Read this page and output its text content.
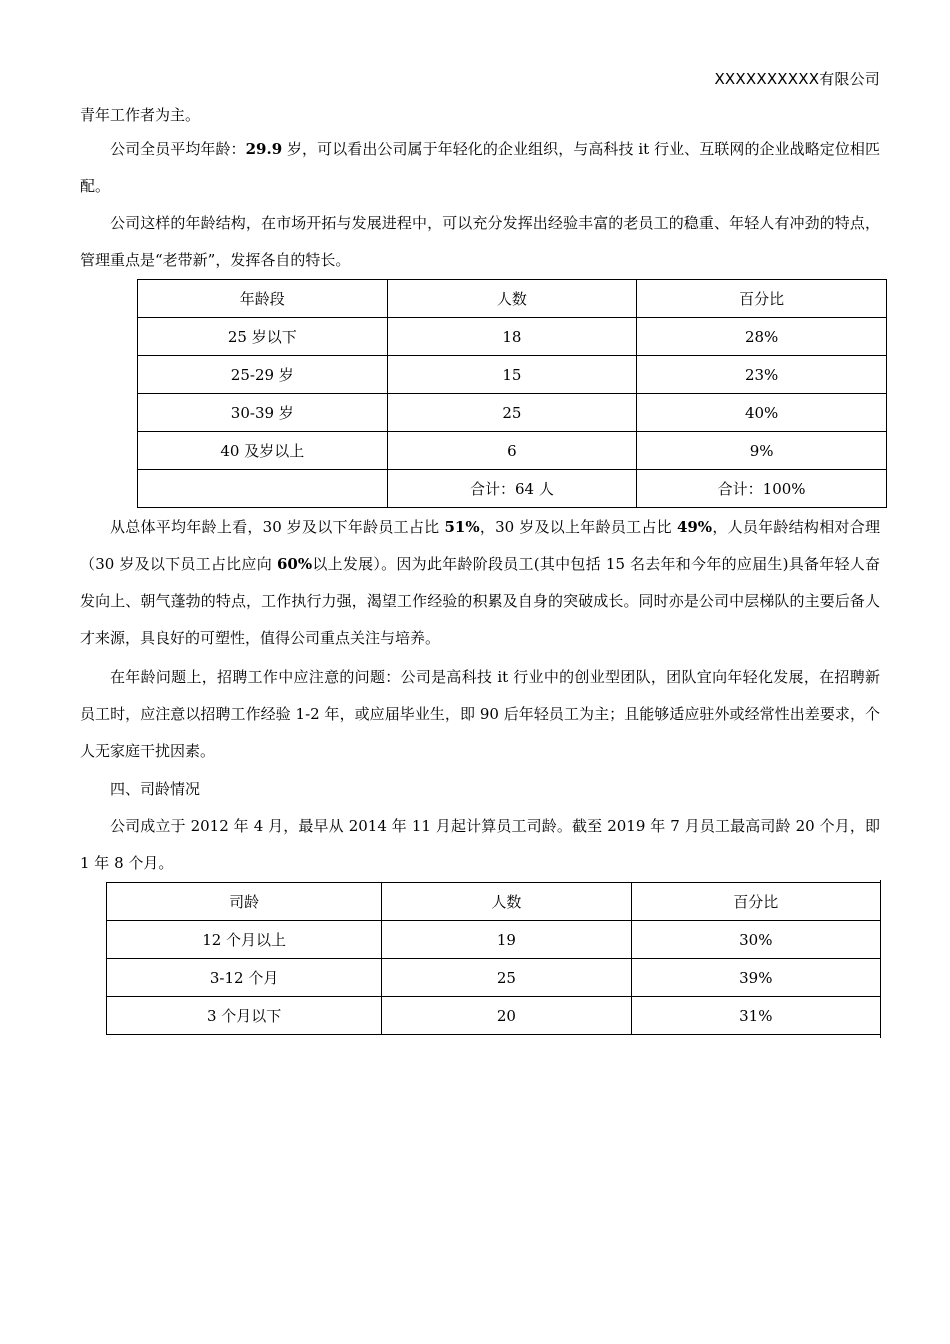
XXXXXXXXXX有限公司

青年工作者为主。

公司全员平均年龄：29.9 岁，可以看出公司属于年轻化的企业组织，与高科技 it 行业、互联网的企业战略定位相匹配。

公司这样的年龄结构，在市场开拓与发展进程中，可以充分发挥出经验丰富的老员工的稳重、年轻人有冲劲的特点，管理重点是“老带新”，发挥各自的特长。

年龄段	人数	百分比
25 岁以下	18	28%
25-29 岁	15	23%
30-39 岁	25	40%
40 及岁以上	6	9%
	合计：64 人	合计：100%

从总体平均年龄上看，30 岁及以下年龄员工占比 51%，30 岁及以上年龄员工占比 49%，人员年龄结构相对合理（30 岁及以下员工占比应向 60%以上发展）。因为此年龄阶段员工(其中包括 15 名去年和今年的应届生)具备年轻人奋发向上、朝气蓬勃的特点，工作执行力强，渴望工作经验的积累及自身的突破成长。同时亦是公司中层梯队的主要后备人才来源，具良好的可塑性，值得公司重点关注与培养。

在年龄问题上，招聘工作中应注意的问题：公司是高科技 it 行业中的创业型团队，团队宜向年轻化发展，在招聘新员工时，应注意以招聘工作经验 1-2 年，或应届毕业生，即 90 后年轻员工为主；且能够适应驻外或经常性出差要求，个人无家庭干扰因素。

四、司龄情况

公司成立于 2012 年 4 月，最早从 2014 年 11 月起计算员工司龄。截至 2019 年 7 月员工最高司龄 20 个月，即 1 年 8 个月。

司龄	人数	百分比
12 个月以上	19	30%
3-12 个月	25	39%
3 个月以下	20	31%
